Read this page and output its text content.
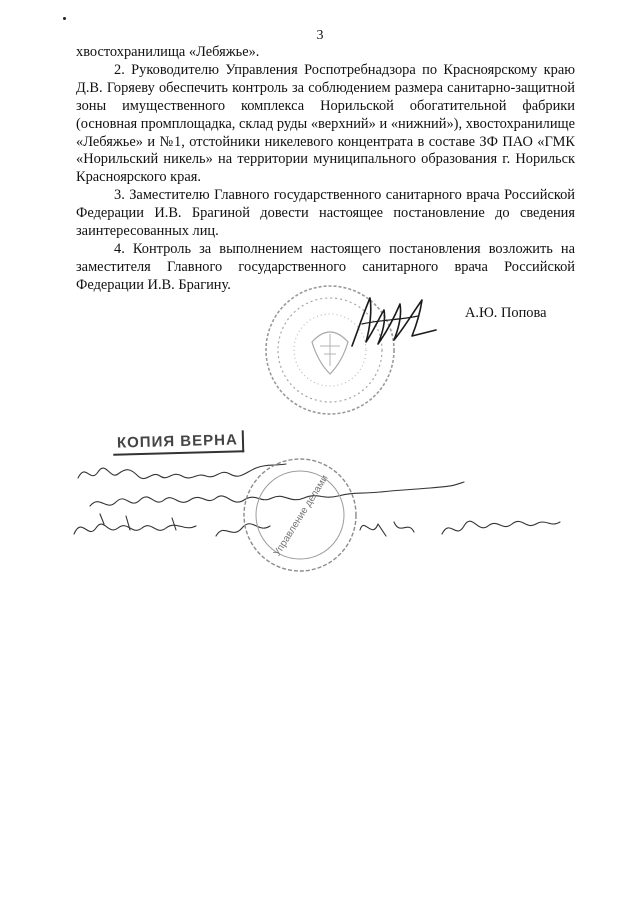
3

хвостохранилища «Лебяжье».

2. Руководителю Управления Роспотребнадзора по Красноярскому краю Д.В. Горяеву обеспечить контроль за соблюдением размера санитарно-защитной зоны имущественного комплекса Норильской обогатительной фабрики (основная промплощадка, склад руды «верхний» и «нижний»), хвостохранилище «Лебяжье» и №1, отстойники никелевого концентрата в составе ЗФ ПАО «ГМК «Норильский никель» на территории муниципального образования г. Норильск Красноярского края.

3. Заместителю Главного государственного санитарного врача Российской Федерации И.В. Брагиной довести настоящее постановление до сведения заинтересованных лиц.

4. Контроль за выполнением настоящего постановления возложить на заместителя Главного государственного санитарного врача Российской Федерации И.В. Брагину.

А.Ю. Попова
КОПИЯ ВЕРНА
Управление делами
